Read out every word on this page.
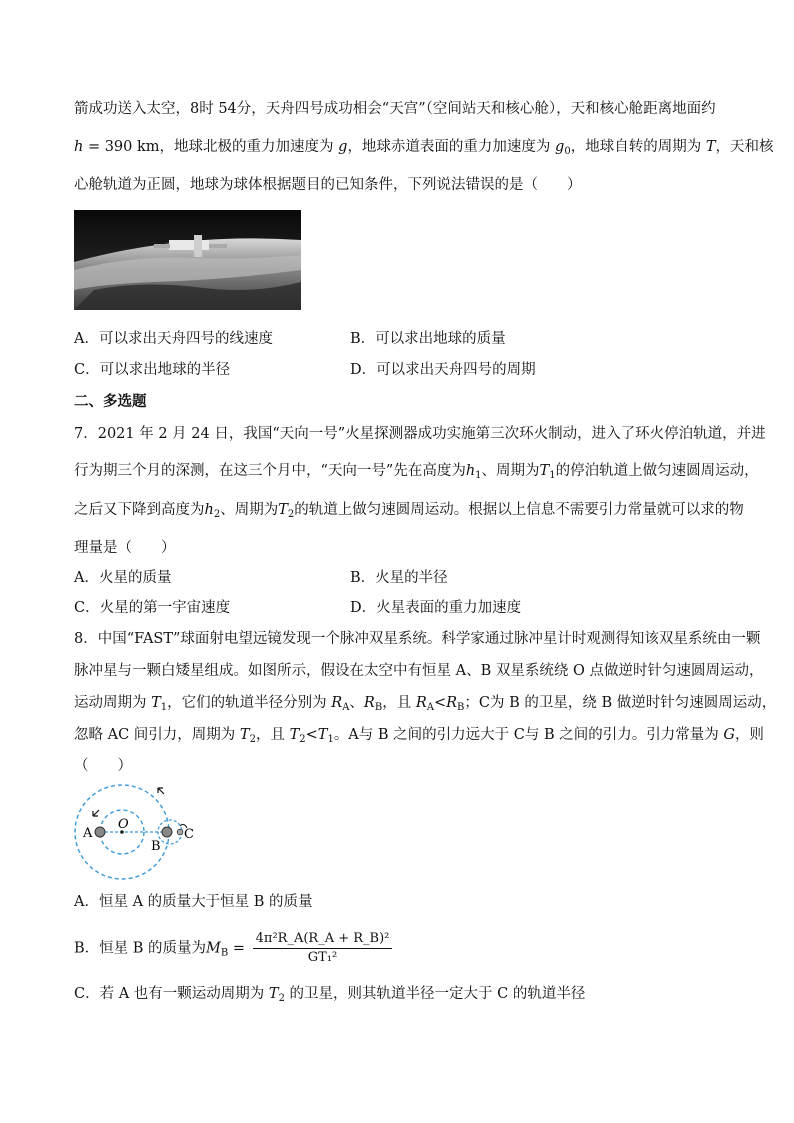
箭成功送入太空，8时 54分，天舟四号成功相会“天宫”（空间站天和核心舱），天和核心舱距离地面约
h = 390 km，地球北极的重力加速度为 g，地球赤道表面的重力加速度为 $g_0$，地球自转的周期为 T，天和核
心舱轨道为正圆，地球为球体根据题目的已知条件，下列说法错误的是（　　）
A．可以求出天舟四号的线速度	B．可以求出地球的质量
C．可以求出地球的半径	D．可以求出天舟四号的周期
二、多选题
7．2021 年 2 月 24 日，我国“天向一号”火星探测器成功实施第三次环火制动，进入了环火停泊轨道，并进
行为期三个月的深测，在这三个月中，“天向一号”先在高度为$h_1$、周期为$T_1$的停泊轨道上做匀速圆周运动，
之后又下降到高度为$h_2$、周期为$T_2$的轨道上做匀速圆周运动。根据以上信息不需要引力常量就可以求的物
理量是（　　）
A．火星的质量	B．火星的半径
C．火星的第一宇宙速度	D．火星表面的重力加速度
8．中国“FAST”球面射电望远镜发现一个脉冲双星系统。科学家通过脉冲星计时观测得知该双星系统由一颗
脉冲星与一颗白矮星组成。如图所示，假设在太空中有恒星 A、B 双星系统绕 O 点做逆时针匀速圆周运动，
运动周期为 $T_1$，它们的轨道半径分别为 $R_A$、$R_B$，且 $R_A<R_B$；C为 B 的卫星，绕 B 做逆时针匀速圆周运动，
忽略 AC 间引力，周期为 $T_2$，且 $T_2<T_1$。A与 B 之间的引力远大于 C与 B 之间的引力。引力常量为 G，则
（　　）
A
O
B
C
A．恒星 A 的质量大于恒星 B 的质量
B．恒星 B 的质量为$M_B = \frac{\text{4π²R\_A(R\_A + R\_B)²}}{\text{GT₁²}}$
C．若 A 也有一颗运动周期为 $T_2$ 的卫星，则其轨道半径一定大于 C 的轨道半径
